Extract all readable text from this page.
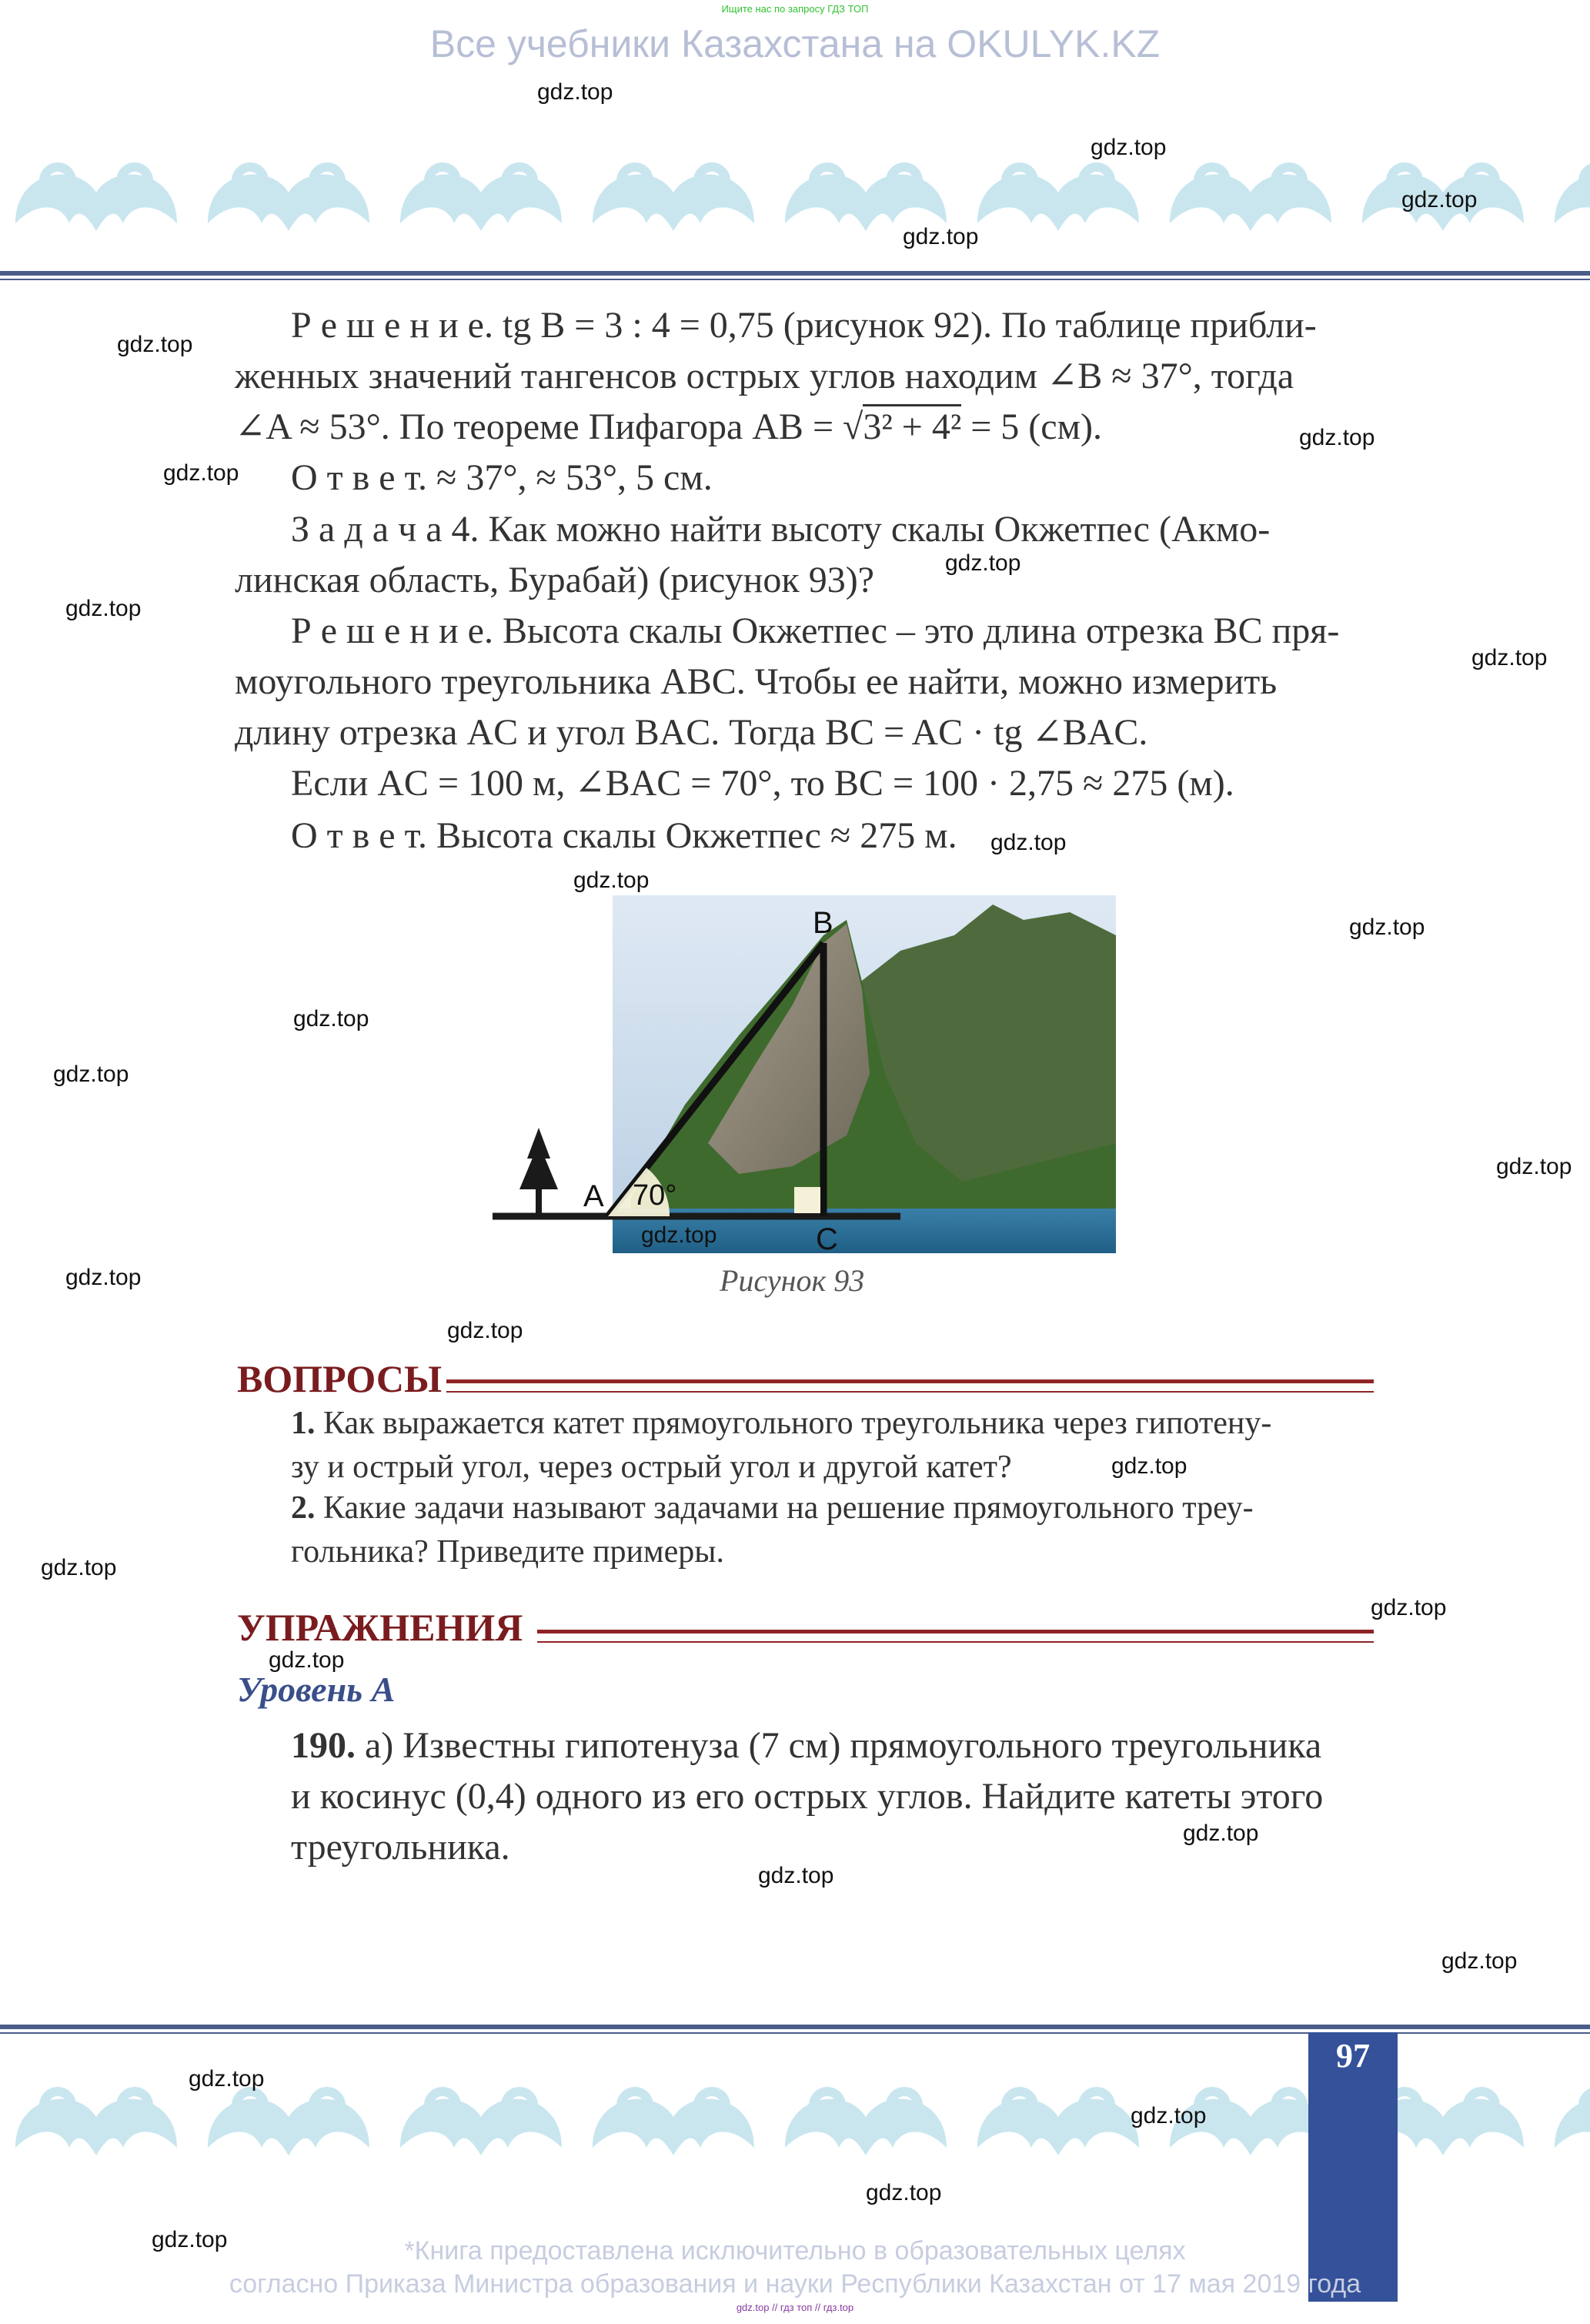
Ищите нас по запросу ГДЗ ТОП
Все учебники Казахстана на OKULYK.KZ
Р е ш е н и е. tg B = 3 : 4 = 0,75 (рисунок 92). По таблице прибли-
женных значений тангенсов острых углов находим ∠B ≈ 37°, тогда
∠A ≈ 53°. По теореме Пифагора AB = √3² + 4² = 5 (см).
О т в е т. ≈ 37°, ≈ 53°, 5 см.
З а д а ч а 4. Как можно найти высоту скалы Окжетпес (Акмо-
линская область, Бурабай) (рисунок 93)?
Р е ш е н и е. Высота скалы Окжетпес – это длина отрезка BC пря-
моугольного треугольника ABC. Чтобы ее найти, можно измерить
длину отрезка AC и угол BAC. Тогда BC = AC · tg ∠BAC.
Если AC = 100 м, ∠BAC = 70°, то BC = 100 · 2,75 ≈ 275 (м).
О т в е т. Высота скалы Окжетпес ≈ 275 м.
A
B
C
70°
Рисунок 93
ВОПРОСЫ
1. Как выражается катет прямоугольного треугольника через гипотену-
зу и острый угол, через острый угол и другой катет?
2. Какие задачи называют задачами на решение прямоугольного треу-
гольника? Приведите примеры.
УПРАЖНЕНИЯ
Уровень А
190. а) Известны гипотенуза (7 см) прямоугольного треугольника
и косинус (0,4) одного из его острых углов. Найдите катеты этого
треугольника.
97
*Книга предоставлена исключительно в образовательных целях
согласно Приказа Министра образования и науки Республики Казахстан от 17 мая 2019 года
gdz.top // гдз топ // гдз.top
gdz.top
gdz.top
gdz.top
gdz.top
gdz.top
gdz.top
gdz.top
gdz.top
gdz.top
gdz.top
gdz.top
gdz.top
gdz.top
gdz.top
gdz.top
gdz.top
gdz.top
gdz.top
gdz.top
gdz.top
gdz.top
gdz.top
gdz.top
gdz.top
gdz.top
gdz.top
gdz.top
gdz.top
gdz.top
gdz.top
